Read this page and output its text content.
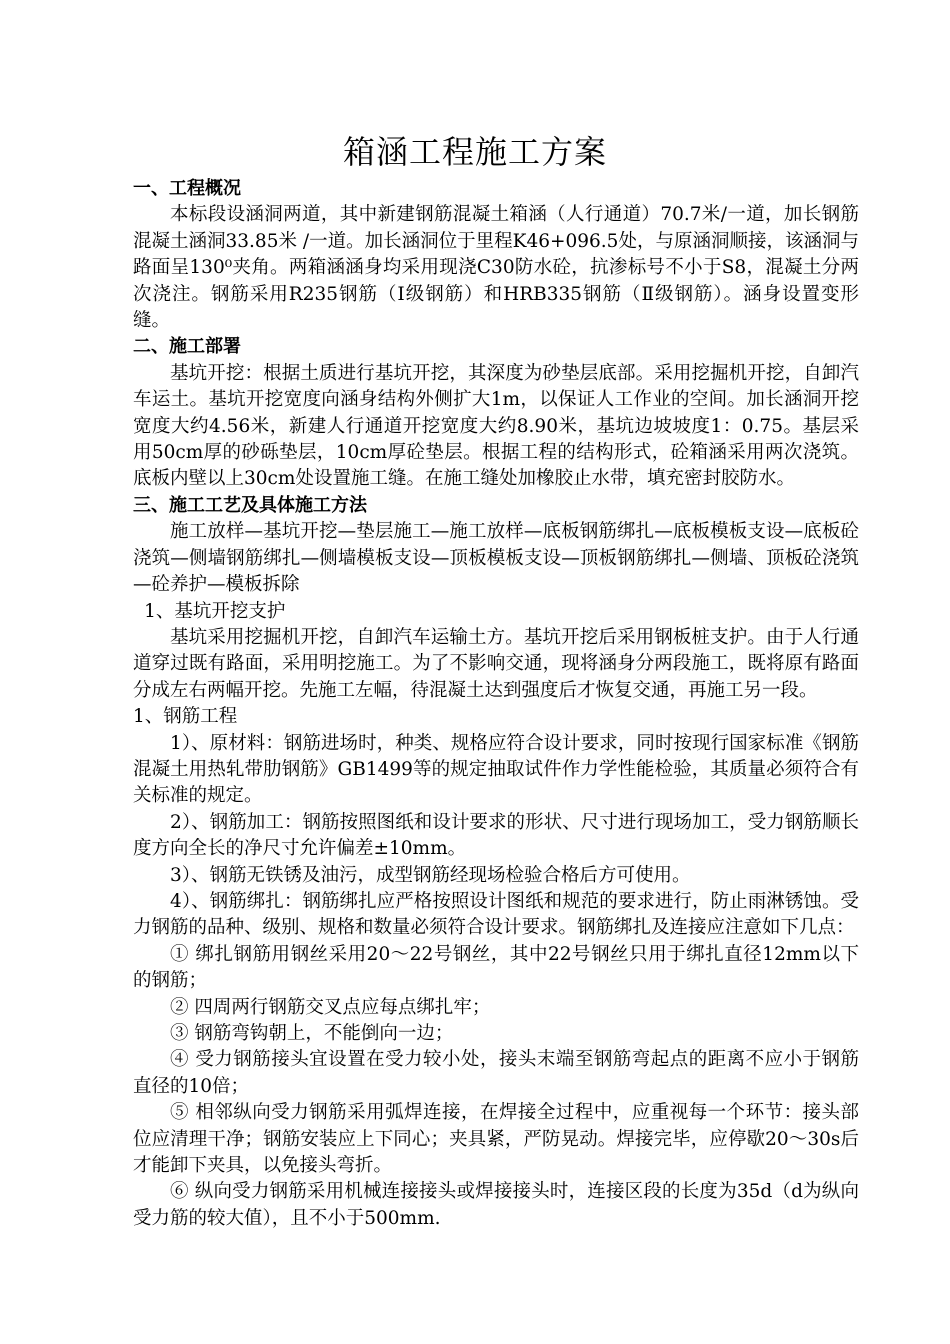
箱涵工程施工方案

一、工程概况

本标段设涵洞两道，其中新建钢筋混凝土箱涵（人行通道）70.7米/一道，加长钢筋混凝土涵洞33.85米 /一道。加长涵洞位于里程K46+096.5处，与原涵洞顺接，该涵洞与路面呈130⁰夹角。两箱涵涵身均采用现浇C30防水砼，抗渗标号不小于S8，混凝土分两次浇注。钢筋采用R235钢筋（Ⅰ级钢筋）和HRB335钢筋（Ⅱ级钢筋）。涵身设置变形缝。

二、施工部署

基坑开挖：根据土质进行基坑开挖，其深度为砂垫层底部。采用挖掘机开挖，自卸汽车运土。基坑开挖宽度向涵身结构外侧扩大1m，以保证人工作业的空间。加长涵洞开挖宽度大约4.56米，新建人行通道开挖宽度大约8.90米，基坑边坡坡度1：0.75。基层采用50cm厚的砂砾垫层，10cm厚砼垫层。根据工程的结构形式，砼箱涵采用两次浇筑。底板内壁以上30cm处设置施工缝。在施工缝处加橡胶止水带，填充密封胶防水。

三、施工工艺及具体施工方法

施工放样—基坑开挖—垫层施工—施工放样—底板钢筋绑扎—底板模板支设—底板砼浇筑—侧墙钢筋绑扎—侧墙模板支设—顶板模板支设—顶板钢筋绑扎—侧墙、顶板砼浇筑—砼养护—模板拆除

1、基坑开挖支护

基坑采用挖掘机开挖，自卸汽车运输土方。基坑开挖后采用钢板桩支护。由于人行通道穿过既有路面，采用明挖施工。为了不影响交通，现将涵身分两段施工，既将原有路面分成左右两幅开挖。先施工左幅，待混凝土达到强度后才恢复交通，再施工另一段。

1、钢筋工程

1）、原材料：钢筋进场时，种类、规格应符合设计要求，同时按现行国家标准《钢筋混凝土用热轧带肋钢筋》GB1499等的规定抽取试件作力学性能检验，其质量必须符合有关标准的规定。

2）、钢筋加工：钢筋按照图纸和设计要求的形状、尺寸进行现场加工，受力钢筋顺长度方向全长的净尺寸允许偏差±10mm。

3）、钢筋无铁锈及油污，成型钢筋经现场检验合格后方可使用。

4）、钢筋绑扎：钢筋绑扎应严格按照设计图纸和规范的要求进行，防止雨淋锈蚀。受力钢筋的品种、级别、规格和数量必须符合设计要求。钢筋绑扎及连接应注意如下几点：

① 绑扎钢筋用钢丝采用20～22号钢丝，其中22号钢丝只用于绑扎直径12mm以下的钢筋；

② 四周两行钢筋交叉点应每点绑扎牢；

③ 钢筋弯钩朝上，不能倒向一边；

④ 受力钢筋接头宜设置在受力较小处，接头末端至钢筋弯起点的距离不应小于钢筋直径的10倍；

⑤ 相邻纵向受力钢筋采用弧焊连接，在焊接全过程中，应重视每一个环节：接头部位应清理干净；钢筋安装应上下同心；夹具紧，严防晃动。焊接完毕，应停歇20～30s后才能卸下夹具，以免接头弯折。

⑥ 纵向受力钢筋采用机械连接接头或焊接接头时，连接区段的长度为35d（d为纵向受力筋的较大值），且不小于500mm.
